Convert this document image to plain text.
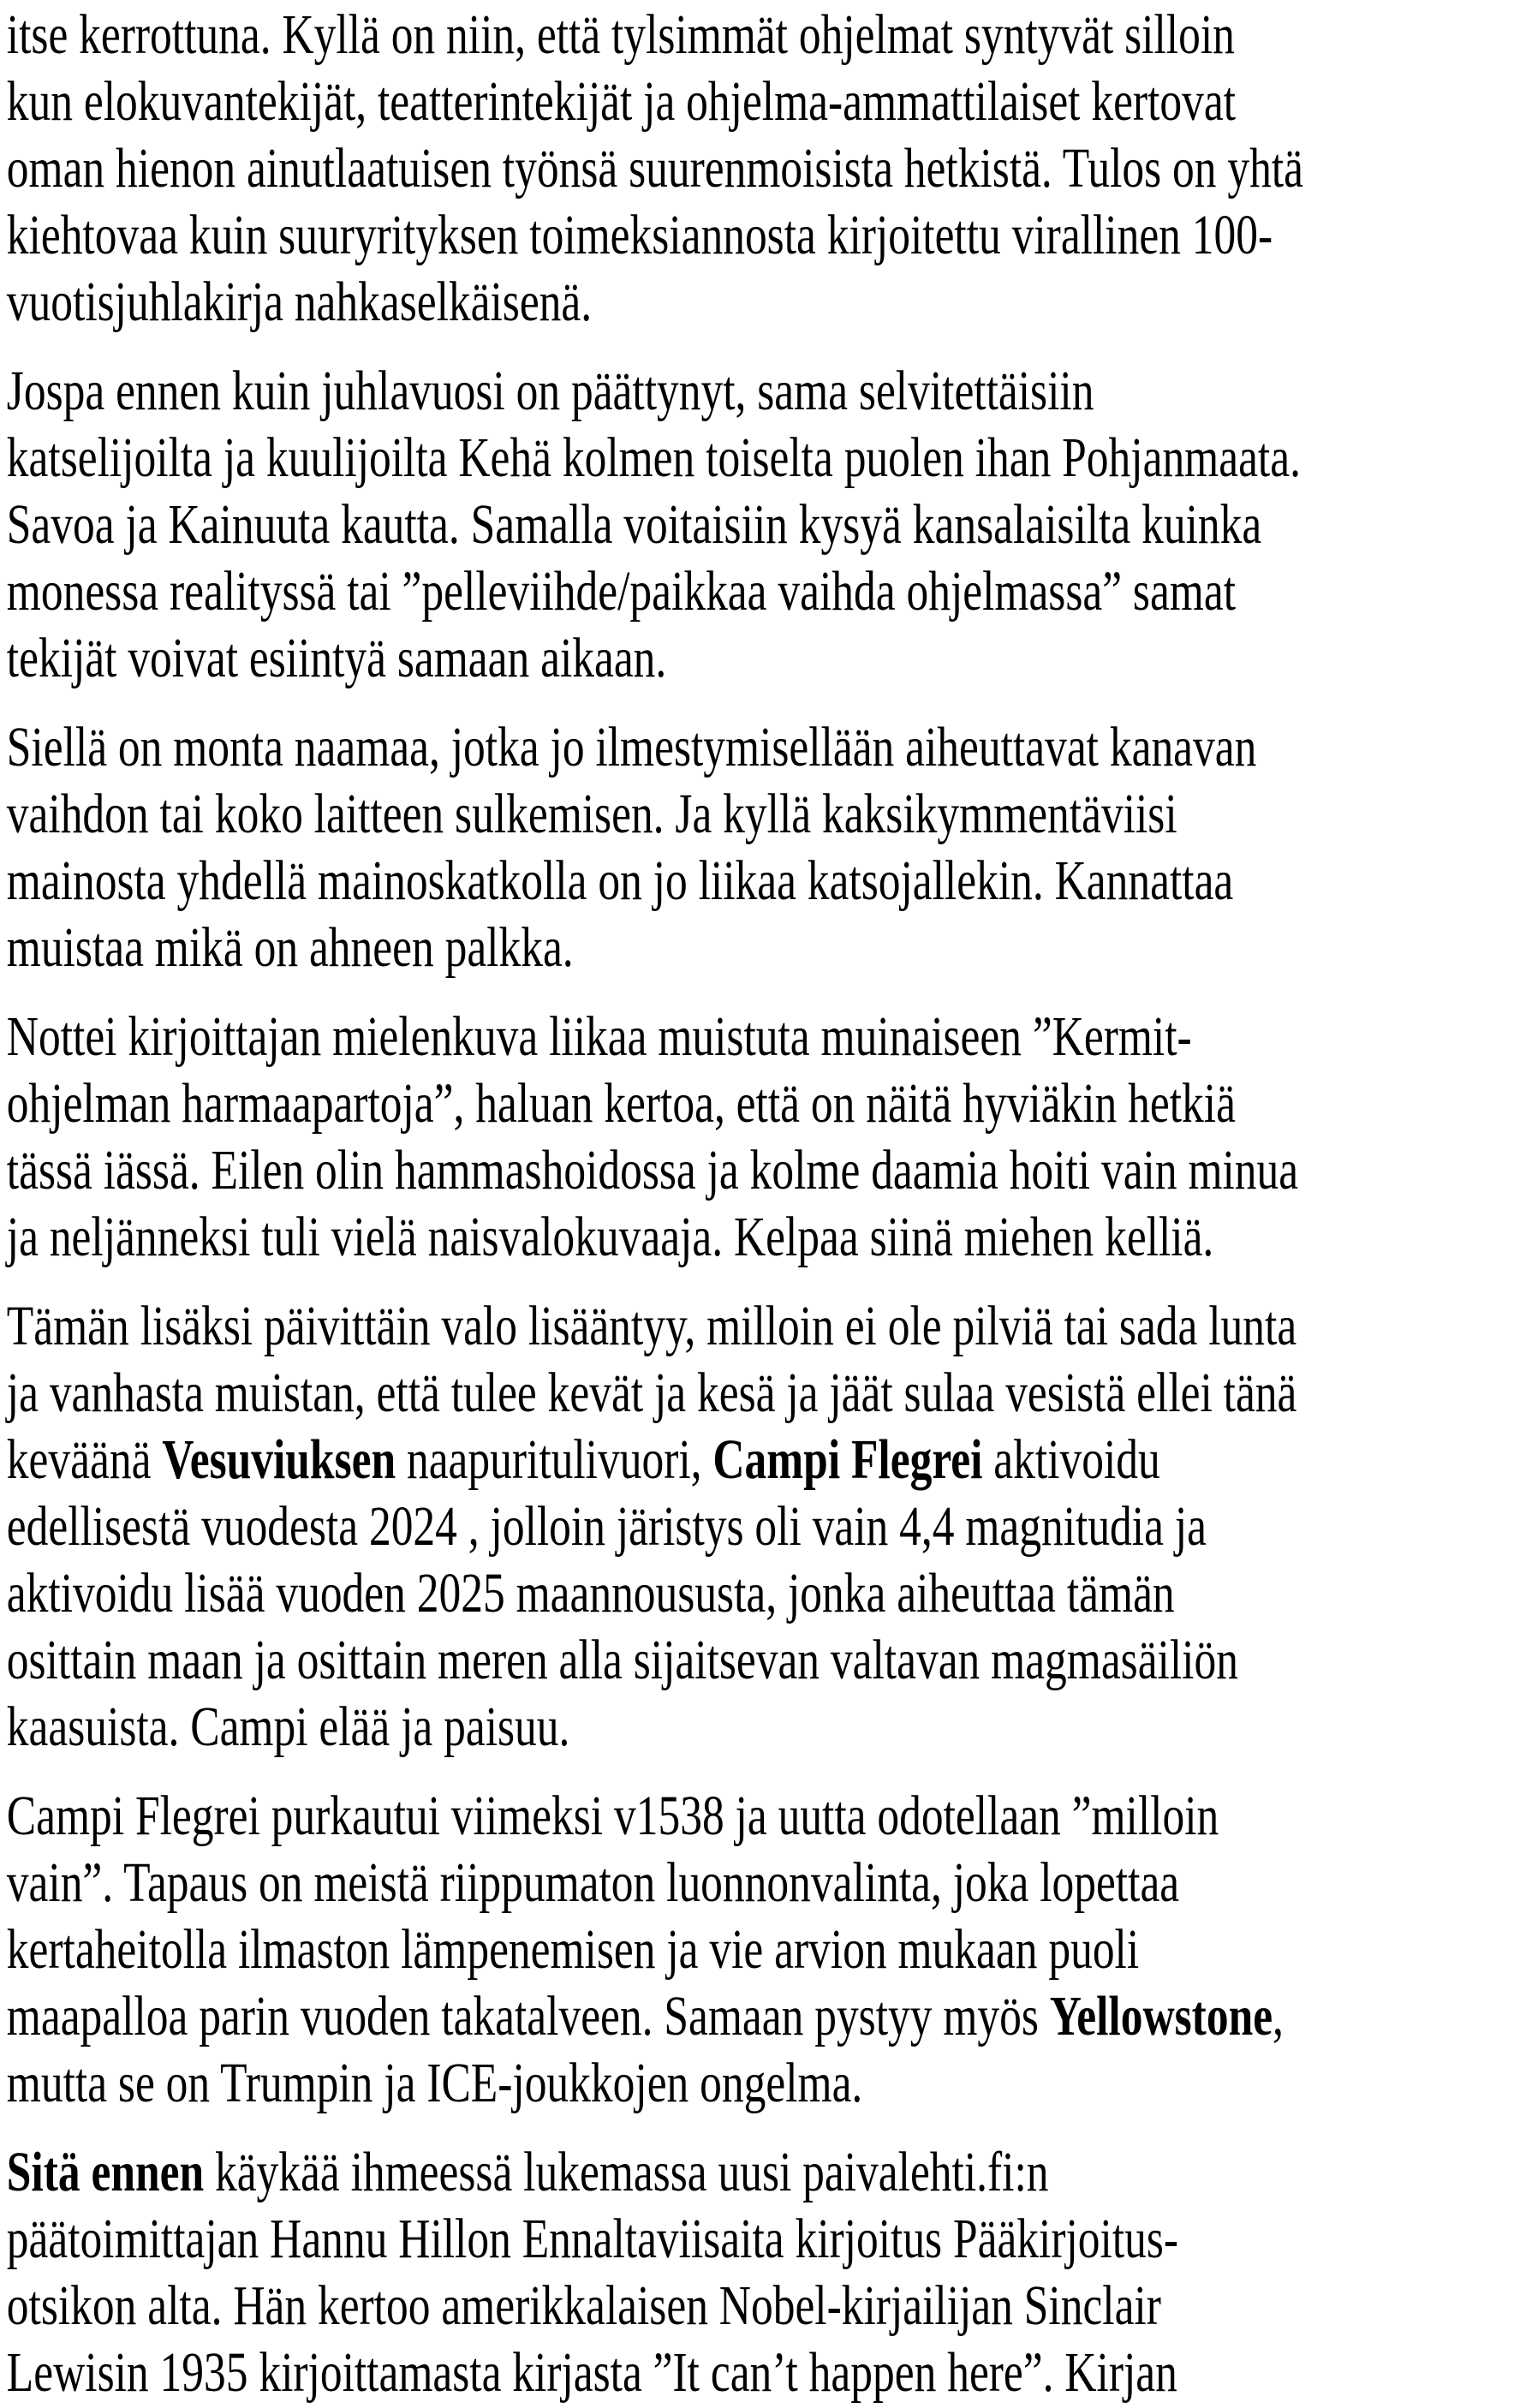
itse kerrottuna. Kyllä on niin, että tylsimmät ohjelmat syntyvät silloin
kun elokuvantekijät, teatterintekijät ja ohjelma-ammattilaiset kertovat
oman hienon ainutlaatuisen työnsä suurenmoisista hetkistä. Tulos on yhtä
kiehtovaa kuin suuryrityksen toimeksiannosta kirjoitettu virallinen 100-
vuotisjuhlakirja nahkaselkäisenä.

Jospa ennen kuin juhlavuosi on päättynyt, sama selvitettäisiin
katselijoilta ja kuulijoilta Kehä kolmen toiselta puolen ihan Pohjanmaata.
Savoa ja Kainuuta kautta. Samalla voitaisiin kysyä kansalaisilta kuinka
monessa realityssä tai ”pelleviihde/paikkaa vaihda ohjelmassa” samat
tekijät voivat esiintyä samaan aikaan.

Siellä on monta naamaa, jotka jo ilmestymisellään aiheuttavat kanavan
vaihdon tai koko laitteen sulkemisen. Ja kyllä kaksikymmentäviisi
mainosta yhdellä mainoskatkolla on jo liikaa katsojallekin. Kannattaa
muistaa mikä on ahneen palkka.

Nottei kirjoittajan mielenkuva liikaa muistuta muinaiseen ”Kermit-
ohjelman harmaapartoja”, haluan kertoa, että on näitä hyviäkin hetkiä
tässä iässä. Eilen olin hammashoidossa ja kolme daamia hoiti vain minua
ja neljänneksi tuli vielä naisvalokuvaaja. Kelpaa siinä miehen kelliä.

Tämän lisäksi päivittäin valo lisääntyy, milloin ei ole pilviä tai sada lunta
ja vanhasta muistan, että tulee kevät ja kesä ja jäät sulaa vesistä ellei tänä
keväänä Vesuviuksen naapuritulivuori, Campi Flegrei aktivoidu
edellisestä vuodesta 2024 , jolloin järistys oli vain 4,4 magnitudia ja
aktivoidu lisää vuoden 2025 maannoususta, jonka aiheuttaa tämän
osittain maan ja osittain meren alla sijaitsevan valtavan magmasäiliön
kaasuista. Campi elää ja paisuu.

Campi Flegrei purkautui viimeksi v1538 ja uutta odotellaan ”milloin
vain”. Tapaus on meistä riippumaton luonnonvalinta, joka lopettaa
kertaheitolla ilmaston lämpenemisen ja vie arvion mukaan puoli
maapalloa parin vuoden takatalveen. Samaan pystyy myös Yellowstone,
mutta se on Trumpin ja ICE-joukkojen ongelma.

Sitä ennen käykää ihmeessä lukemassa uusi paivalehti.fi:n
päätoimittajan Hannu Hillon Ennaltaviisaita kirjoitus Pääkirjoitus-
otsikon alta. Hän kertoo amerikkalaisen Nobel-kirjailijan Sinclair
Lewisin 1935 kirjoittamasta kirjasta ”It can’t happen here”. Kirjan
